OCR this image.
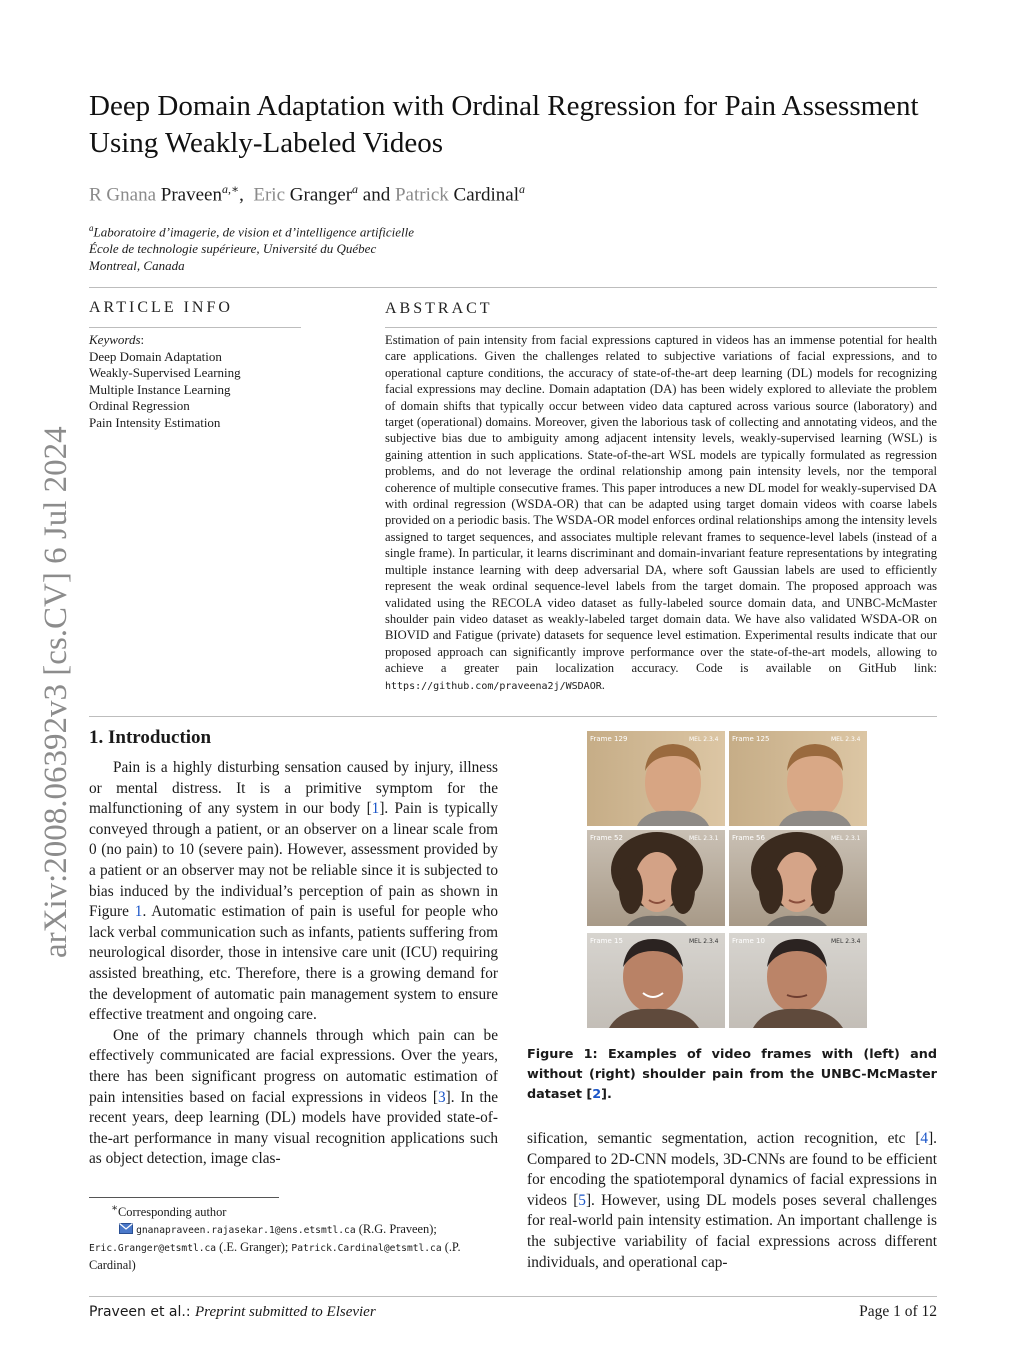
arXiv:2008.06392v3 [cs.CV] 6 Jul 2024
Deep Domain Adaptation with Ordinal Regression for Pain Assessment
Using Weakly-Labeled Videos
R Gnana Praveen$^{a,∗}$,  Eric Granger$^a$ and Patrick Cardinal$^a$
$^a$Laboratoire d’imagerie, de vision et d’intelligence artificielle
École de technologie supérieure, Université du Québec
Montreal, Canada
ARTICLE INFO	ABSTRACT
Keywords:
Deep Domain Adaptation
Weakly-Supervised Learning
Multiple Instance Learning
Ordinal Regression
Pain Intensity Estimation

Estimation of pain intensity from facial expressions captured in videos has an immense potential for health care applications. Given the challenges related to subjective variations of facial expressions, and to operational capture conditions, the accuracy of state-of-the-art deep learning (DL) models for recognizing facial expressions may decline. Domain adaptation (DA) has been widely explored to alleviate the problem of domain shifts that typically occur between video data captured across various source (laboratory) and target (operational) domains. Moreover, given the laborious task of collecting and annotating videos, and the subjective bias due to ambiguity among adjacent intensity levels, weakly-supervised learning (WSL) is gaining attention in such applications. State-of-the-art WSL models are typically formulated as regression problems, and do not leverage the ordinal relationship among pain intensity levels, nor the temporal coherence of multiple consecutive frames. This paper introduces a new DL model for weakly-supervised DA with ordinal regression (WSDA-OR) that can be adapted using target domain videos with coarse labels provided on a periodic basis. The WSDA-OR model enforces ordinal relationships among the intensity levels assigned to target sequences, and associates multiple relevant frames to sequence-level labels (instead of a single frame). In particular, it learns discriminant and domain-invariant feature representations by integrating multiple instance learning with deep adversarial DA, where soft Gaussian labels are used to efficiently represent the weak ordinal sequence-level labels from the target domain. The proposed approach was validated using the RECOLA video dataset as fully-labeled source domain data, and UNBC-McMaster shoulder pain video dataset as weakly-labeled target domain data. We have also validated WSDA-OR on BIOVID and Fatigue (private) datasets for sequence level estimation. Experimental results indicate that our proposed approach can significantly improve performance over the state-of-the-art models, allowing to achieve a greater pain localization accuracy. Code is available on GitHub link: https://github.com/praveena2j/WSDAOR.

1. Introduction

Pain is a highly disturbing sensation caused by injury, illness or mental distress. It is a primitive symptom for the malfunctioning of any system in our body [1]. Pain is typically conveyed through a patient, or an observer on a linear scale from 0 (no pain) to 10 (severe pain). However, assessment provided by a patient or an observer may not be reliable since it is subjected to bias induced by the individual’s perception of pain as shown in Figure 1. Automatic estimation of pain is useful for people who lack verbal communication such as infants, patients suffering from neurological disorder, those in intensive care unit (ICU) requiring assisted breathing, etc. Therefore, there is a growing demand for the development of automatic pain management system to ensure effective treatment and ongoing care.

One of the primary channels through which pain can be effectively communicated are facial expressions. Over the years, there has been significant progress on automatic estimation of pain intensities based on facial expressions in videos [3]. In the recent years, deep learning (DL) models have provided state-of-the-art performance in many visual recognition applications such as object detection, image clas-

∗Corresponding author
gnanapraveen.rajasekar.1@ens.etsmtl.ca (R.G. Praveen);
Eric.Granger@etsmtl.ca (.E. Granger); Patrick.Cardinal@etsmtl.ca (.P. Cardinal)
Frame 129	MEL 2.3.4 Frame 125	MEL 2.3.4
Frame 52	MEL 2.3.1 Frame 56	MEL 2.3.1
Frame 15	MEL 2.3.4 Frame 10	MEL 2.3.4
Figure 1: Examples of video frames with (left) and without (right) shoulder pain from the UNBC-McMaster dataset [2].

sification, semantic segmentation, action recognition, etc [4]. Compared to 2D-CNN models, 3D-CNNs are found to be efficient for encoding the spatiotemporal dynamics of facial expressions in videos [5]. However, using DL models poses several challenges for real-world pain intensity estimation. An important challenge is the subjective variability of facial expressions across different individuals, and operational cap-

Praveen et al.: Preprint submitted to Elsevier	Page 1 of 12
